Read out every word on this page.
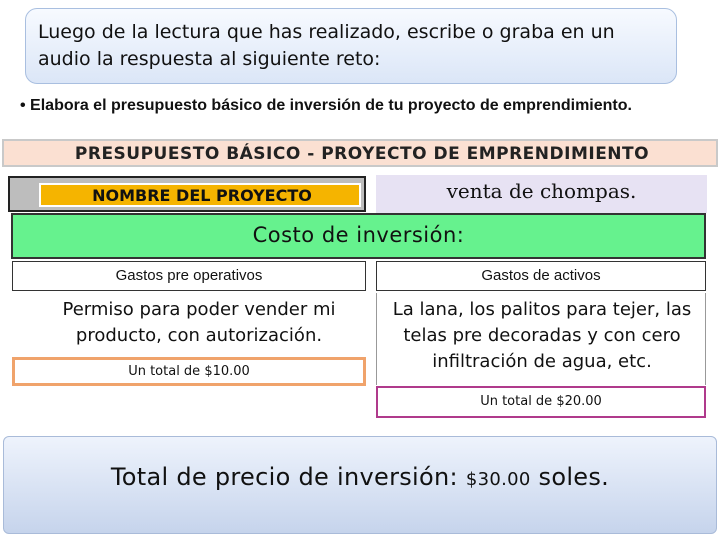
Luego de la lectura que has realizado, escribe o graba en un audio la respuesta al siguiente reto:
• Elabora el presupuesto básico de inversión de tu proyecto de emprendimiento.
PRESUPUESTO BÁSICO - PROYECTO DE EMPRENDIMIENTO
NOMBRE DEL PROYECTO	venta de chompas.
Costo de inversión:
Gastos pre operativos	Gastos de activos
Permiso para poder vender mi producto, con autorización.
Un total de $10.00
La lana, los palitos para tejer, las telas pre decoradas y con cero infiltración de agua, etc.
Un total de $20.00
Total de precio de inversión: $30.00 soles.
